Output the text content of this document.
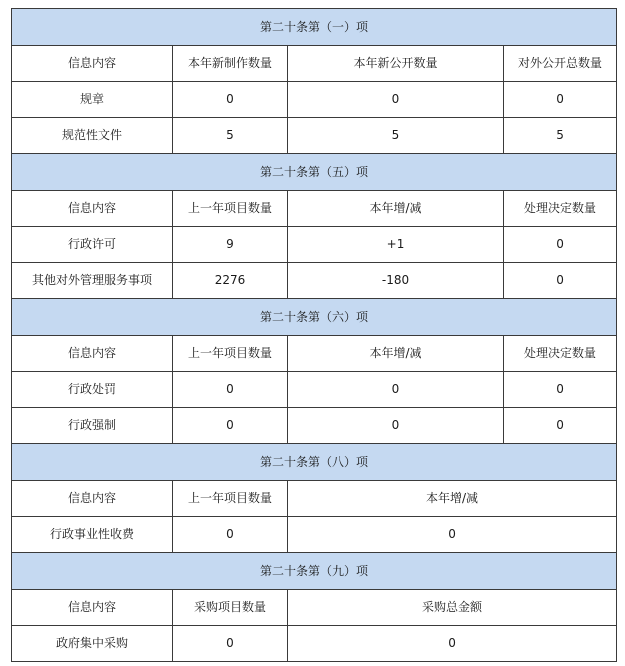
第二十条第（一）项			
信息内容	本年新制作数量	本年新公开数量	对外公开总数量
规章	0	0	0
规范性文件	5	5	5
第二十条第（五）项			
信息内容	上一年项目数量	本年增/减	处理决定数量
行政许可	9	+1	0
其他对外管理服务事项	2276	-180	0
第二十条第（六）项			
信息内容	上一年项目数量	本年增/减	处理决定数量
行政处罚	0	0	0
行政强制	0	0	0
第二十条第（八）项			
信息内容	上一年项目数量	本年增/减	
行政事业性收费	0	0	
第二十条第（九）项			
信息内容	采购项目数量	采购总金额	
政府集中采购	0	0	
